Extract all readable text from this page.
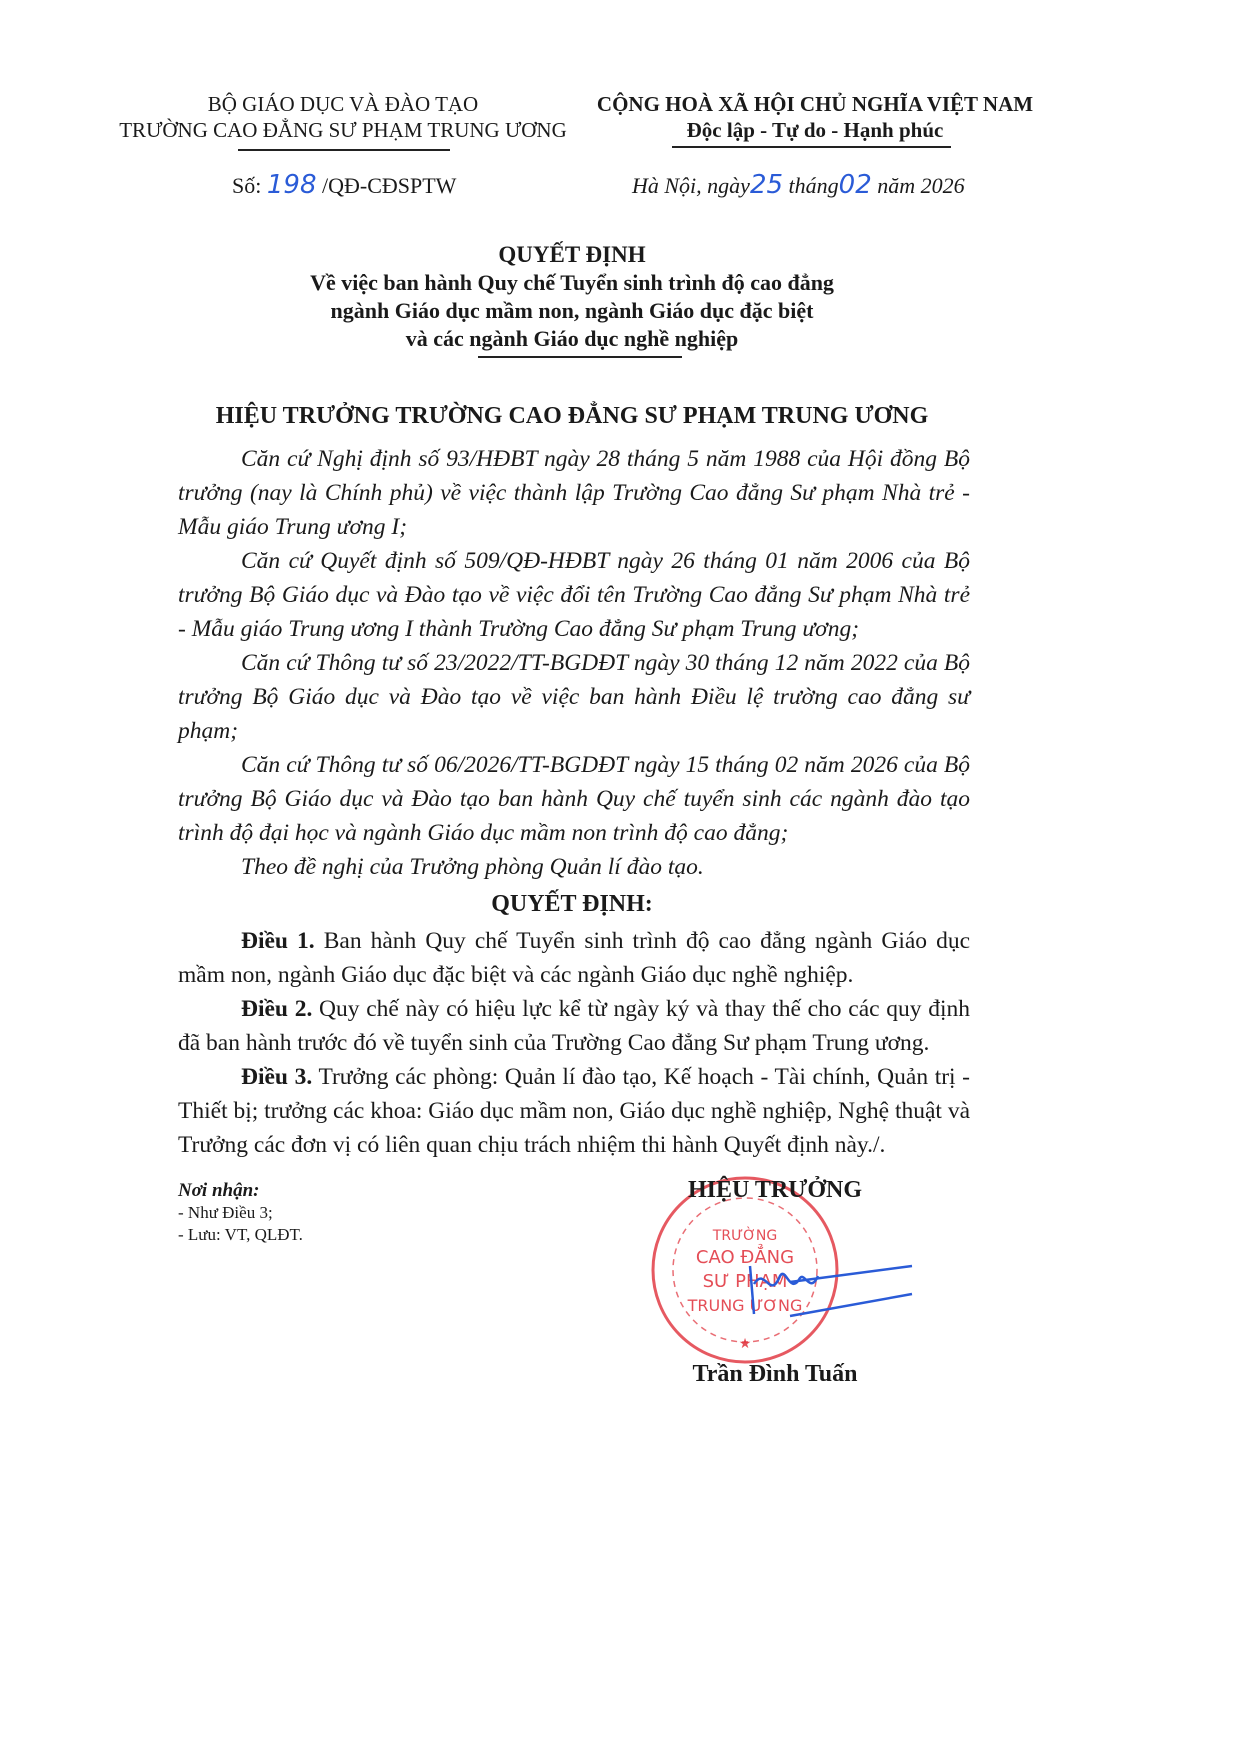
BỘ GIÁO DỤC VÀ ĐÀO TẠO
TRƯỜNG CAO ĐẲNG SƯ PHẠM TRUNG ƯƠNG
CỘNG HOÀ XÃ HỘI CHỦ NGHĨA VIỆT NAM
Độc lập - Tự do - Hạnh phúc
Số: 198 /QĐ-CĐSPTW	Hà Nội, ngày25 tháng02 năm 2026
QUYẾT ĐỊNH
Về việc ban hành Quy chế Tuyển sinh trình độ cao đẳng
ngành Giáo dục mầm non, ngành Giáo dục đặc biệt
và các ngành Giáo dục nghề nghiệp
HIỆU TRƯỞNG TRƯỜNG CAO ĐẲNG SƯ PHẠM TRUNG ƯƠNG

Căn cứ Nghị định số 93/HĐBT ngày 28 tháng 5 năm 1988 của Hội đồng Bộ trưởng (nay là Chính phủ) về việc thành lập Trường Cao đẳng Sư phạm Nhà trẻ - Mẫu giáo Trung ương I;

Căn cứ Quyết định số 509/QĐ-HĐBT ngày 26 tháng 01 năm 2006 của Bộ trưởng Bộ Giáo dục và Đào tạo về việc đổi tên Trường Cao đẳng Sư phạm Nhà trẻ - Mẫu giáo Trung ương I thành Trường Cao đẳng Sư phạm Trung ương;

Căn cứ Thông tư số 23/2022/TT-BGDĐT ngày 30 tháng 12 năm 2022 của Bộ trưởng Bộ Giáo dục và Đào tạo về việc ban hành Điều lệ trường cao đẳng sư phạm;

Căn cứ Thông tư số 06/2026/TT-BGDĐT ngày 15 tháng 02 năm 2026 của Bộ trưởng Bộ Giáo dục và Đào tạo ban hành Quy chế tuyển sinh các ngành đào tạo trình độ đại học và ngành Giáo dục mầm non trình độ cao đẳng;

Theo đề nghị của Trưởng phòng Quản lí đào tạo.

QUYẾT ĐỊNH:

Điều 1. Ban hành Quy chế Tuyển sinh trình độ cao đẳng ngành Giáo dục mầm non, ngành Giáo dục đặc biệt và các ngành Giáo dục nghề nghiệp.

Điều 2. Quy chế này có hiệu lực kể từ ngày ký và thay thế cho các quy định đã ban hành trước đó về tuyển sinh của Trường Cao đẳng Sư phạm Trung ương.

Điều 3. Trưởng các phòng: Quản lí đào tạo, Kế hoạch - Tài chính, Quản trị - Thiết bị; trưởng các khoa: Giáo dục mầm non, Giáo dục nghề nghiệp, Nghệ thuật và Trưởng các đơn vị có liên quan chịu trách nhiệm thi hành Quyết định này./.

Nơi nhận:
- Như Điều 3;
- Lưu: VT, QLĐT.	TRƯỜNG
CAO ĐẲNG
SƯ PHẠM
TRUNG ƯƠNG
★
HIỆU TRƯỞNG
Trần Đình Tuấn
